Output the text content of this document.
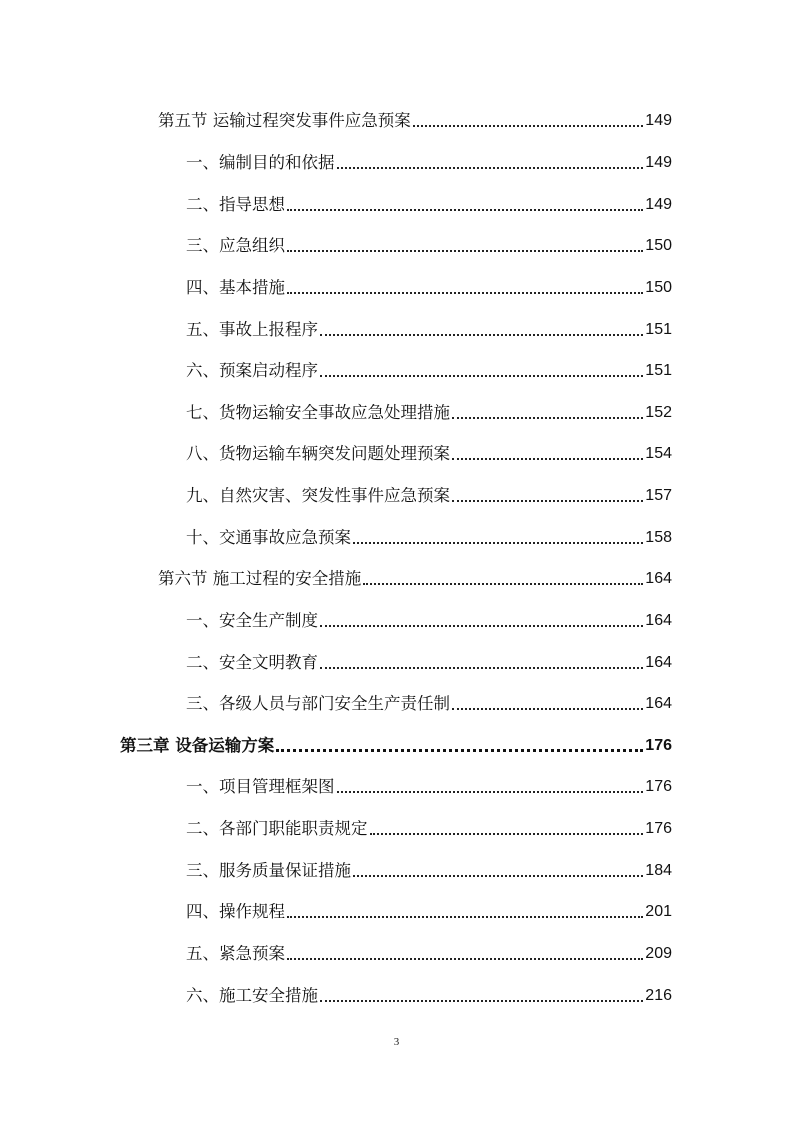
第五节 运输过程突发事件应急预案	149
一、编制目的和依据	149
二、指导思想	149
三、应急组织	150
四、基本措施	150
五、事故上报程序	151
六、预案启动程序	151
七、货物运输安全事故应急处理措施	152
八、货物运输车辆突发问题处理预案	154
九、自然灾害、突发性事件应急预案	157
十、交通事故应急预案	158
第六节 施工过程的安全措施	164
一、安全生产制度	164
二、安全文明教育	164
三、各级人员与部门安全生产责任制	164
第三章 设备运输方案	176
一、项目管理框架图	176
二、各部门职能职责规定	176
三、服务质量保证措施	184
四、操作规程	201
五、紧急预案	209
六、施工安全措施	216
3
